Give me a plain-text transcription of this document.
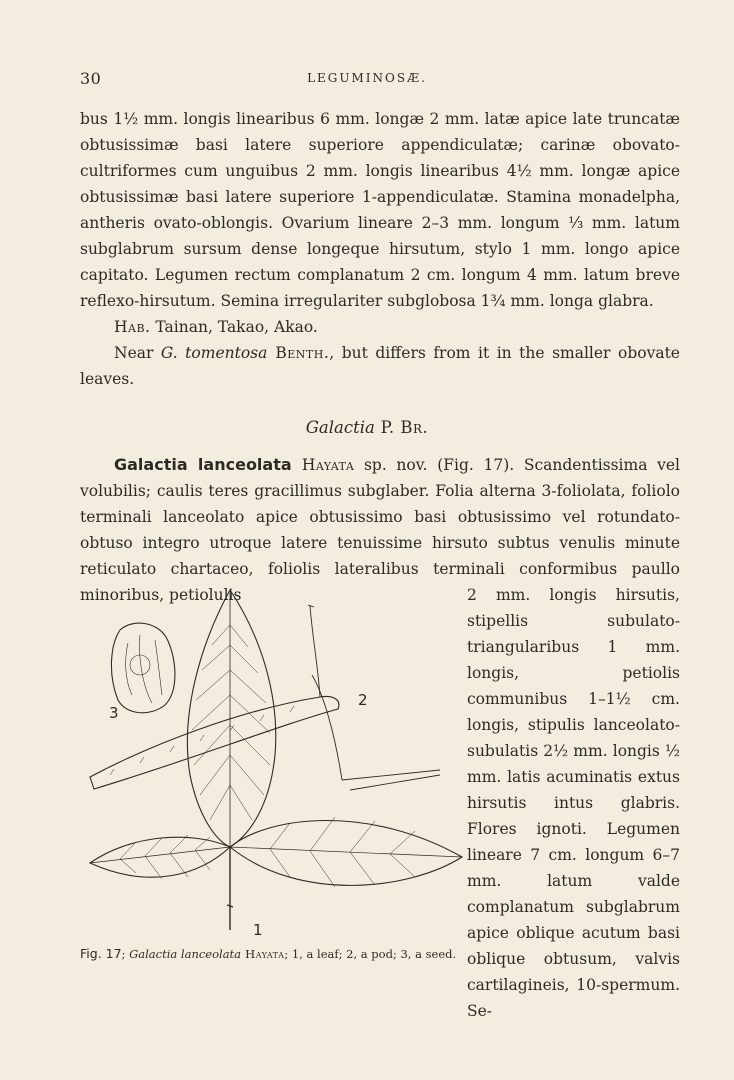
30	LEGUMINOSÆ.

bus 1½ mm. longis linearibus 6 mm. longæ 2 mm. latæ apice late truncatæ obtusissimæ basi latere superiore appendiculatæ; carinæ obovato-cultriformes cum unguibus 2 mm. longis linearibus 4½ mm. longæ apice obtusissimæ basi latere superiore 1-appendiculatæ. Stamina monadelpha, antheris ovato-oblongis. Ovarium lineare 2–3 mm. longum ⅓ mm. latum subglabrum sursum dense longeque hirsutum, stylo 1 mm. longo apice capitato. Legumen rectum complanatum 2 cm. longum 4 mm. latum breve reflexo-hirsutum. Semina irregulariter subglobosa 1¾ mm. longa glabra.

Hab. Tainan, Takao, Akao.

Near G. tomentosa Benth., but differs from it in the smaller obovate leaves.

Galactia P. Br.

Galactia lanceolata Hayata sp. nov. (Fig. 17). Scandentissima vel volubilis; caulis teres gracillimus subglaber. Folia alterna 3-foliolata, foliolo terminali lanceolato apice obtusissimo basi obtusissimo vel rotundato-obtuso integro utroque latere tenuissime hirsuto subtus venulis minute reticulato chartaceo, foliolis lateralibus terminali conformibus paullo minoribus, petiolulis	2 mm. longis hirsutis, stipellis subulato-triangularibus 1 mm. longis, petiolis communibus 1–1½ cm. longis, stipulis lanceolato-subulatis 2½ mm. longis ½ mm. latis acuminatis extus hirsutis intus glabris. Flores ignoti. Legumen lineare 7 cm. longum 6–7 mm. latum valde complanatum subglabrum apice oblique acutum basi oblique obtusum, valvis cartilagineis, 10-spermum. Se-

3
2
1
Fig. 17; Galactia lanceolata Hayata; 1, a leaf; 2, a pod; 3, a seed.
